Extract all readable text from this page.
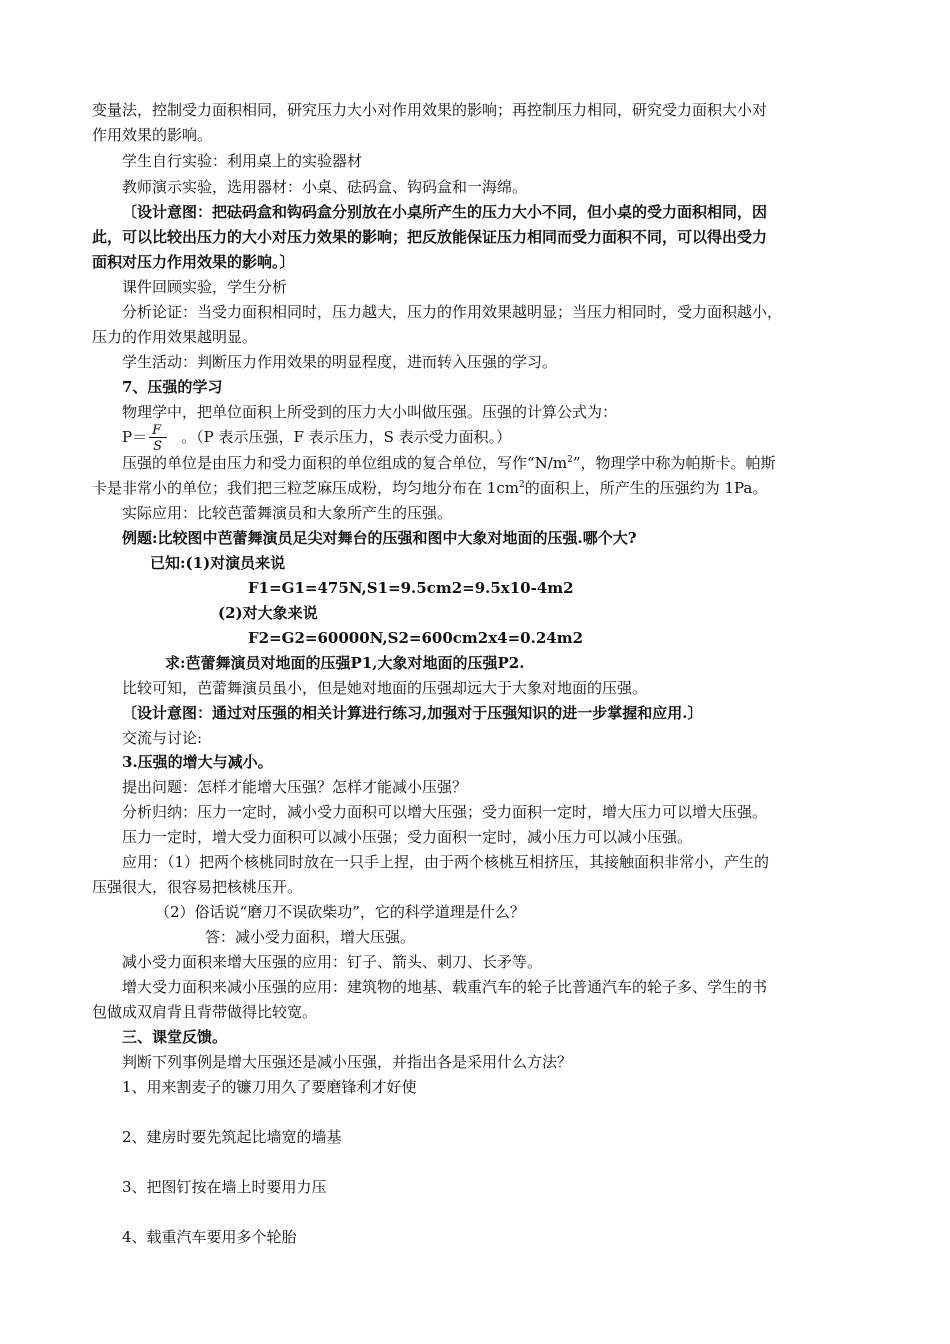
变量法，控制受力面积相同，研究压力大小对作用效果的影响；再控制压力相同，研究受力面积大小对
作用效果的影响。
学生自行实验：利用桌上的实验器材
教师演示实验，选用器材：小桌、砝码盒、钩码盒和一海绵。
〔设计意图：把砝码盒和钩码盒分别放在小桌所产生的压力大小不同，但小桌的受力面积相同，因
此，可以比较出压力的大小对压力效果的影响；把反放能保证压力相同而受力面积不同，可以得出受力
面积对压力作用效果的影响。〕
课件回顾实验，学生分析
分析论证：当受力面积相同时，压力越大，压力的作用效果越明显；当压力相同时，受力面积越小，
压力的作用效果越明显。
学生活动：判断压力作用效果的明显程度，进而转入压强的学习。
7、压强的学习
物理学中，把单位面积上所受到的压力大小叫做压强。压强的计算公式为：
P＝ F
S
。（P 表示压强，F 表示压力，S 表示受力面积。）
压强的单位是由压力和受力面积的单位组成的复合单位，写作“$N/m^2$”，物理学中称为帕斯卡。帕斯
卡是非常小的单位；我们把三粒芝麻压成粉，均匀地分布在 $1cm^2$的面积上，所产生的压强约为 1Pa。
实际应用：比较芭蕾舞演员和大象所产生的压强。
例题:比较图中芭蕾舞演员足尖对舞台的压强和图中大象对地面的压强.哪个大?
已知:(1)对演员来说
F1=G1=475N,S1=9.5cm2=9.5x10-4m2
(2)对大象来说
F2=G2=60000N,S2=600cm2x4=0.24m2
求:芭蕾舞演员对地面的压强P1,大象对地面的压强P2.
比较可知，芭蕾舞演员虽小，但是她对地面的压强却远大于大象对地面的压强。
〔设计意图：通过对压强的相关计算进行练习,加强对于压强知识的进一步掌握和应用.〕
交流与讨论:
3.压强的增大与减小。
提出问题：怎样才能增大压强？怎样才能减小压强？
分析归纳：压力一定时，减小受力面积可以增大压强；受力面积一定时，增大压力可以增大压强。
压力一定时，增大受力面积可以减小压强；受力面积一定时，减小压力可以减小压强。
应用：（1）把两个核桃同时放在一只手上捏，由于两个核桃互相挤压，其接触面积非常小，产生的
压强很大，很容易把核桃压开。
（2）俗话说“磨刀不误砍柴功”，它的科学道理是什么？
答：减小受力面积，增大压强。
减小受力面积来增大压强的应用：钉子、箭头、刺刀、长矛等。
增大受力面积来减小压强的应用：建筑物的地基、载重汽车的轮子比普通汽车的轮子多、学生的书
包做成双肩背且背带做得比较宽。
三、课堂反馈。
判断下列事例是增大压强还是减小压强，并指出各是采用什么方法？
1、用来割麦子的镰刀用久了要磨锋利才好使
2、建房时要先筑起比墙宽的墙基
3、把图钉按在墙上时要用力压
4、载重汽车要用多个轮胎
